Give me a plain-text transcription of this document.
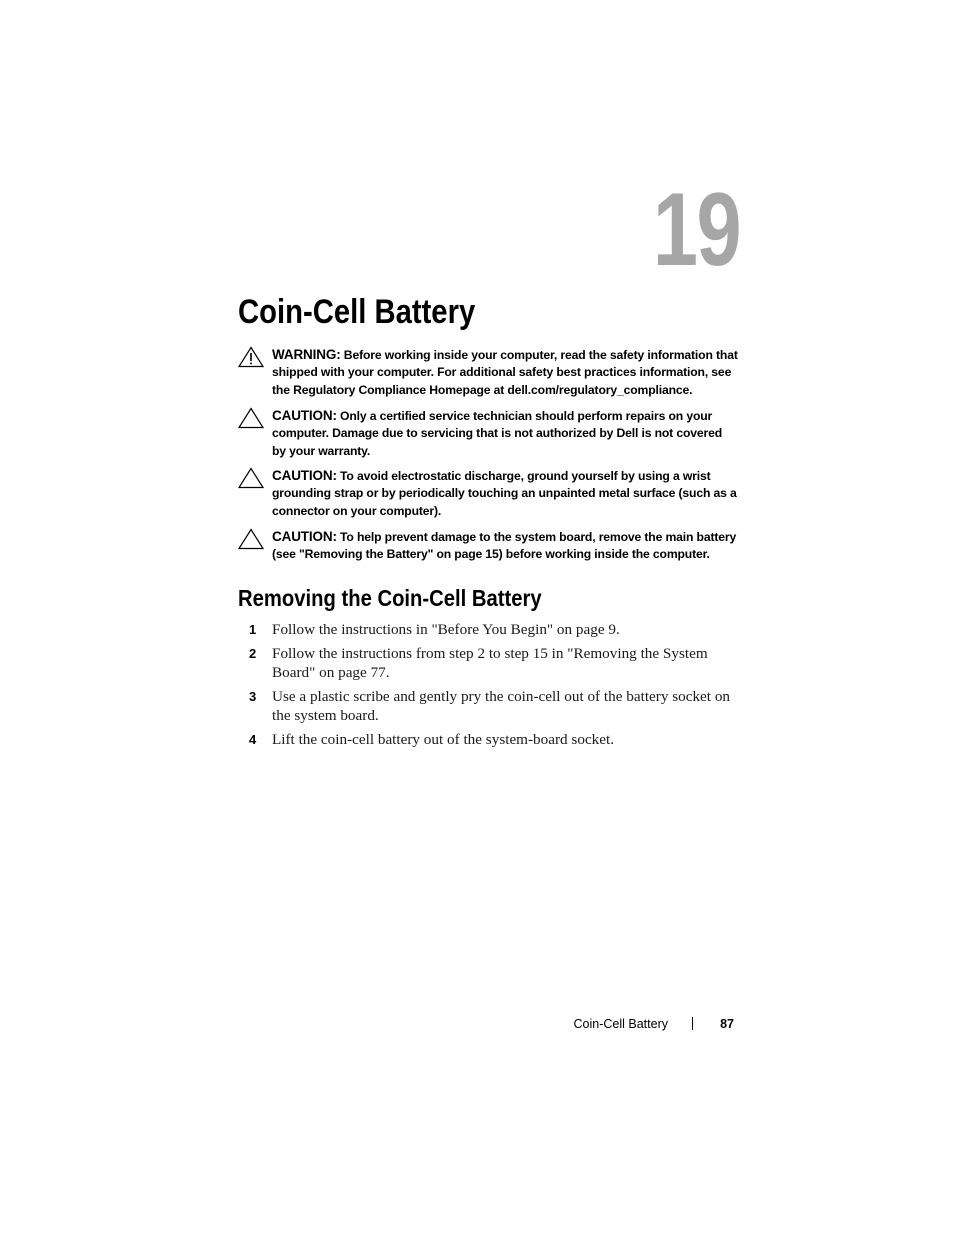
19
Coin-Cell Battery
WARNING: Before working inside your computer, read the safety information that shipped with your computer. For additional safety best practices information, see the Regulatory Compliance Homepage at dell.com/regulatory_compliance.
CAUTION: Only a certified service technician should perform repairs on your computer. Damage due to servicing that is not authorized by Dell is not covered by your warranty.
CAUTION: To avoid electrostatic discharge, ground yourself by using a wrist grounding strap or by periodically touching an unpainted metal surface (such as a connector on your computer).
CAUTION: To help prevent damage to the system board, remove the main battery (see "Removing the Battery" on page 15) before working inside the computer.
Removing the Coin-Cell Battery
1 Follow the instructions in "Before You Begin" on page 9.
2 Follow the instructions from step 2 to step 15 in "Removing the System Board" on page 77.
3 Use a plastic scribe and gently pry the coin-cell out of the battery socket on the system board.
4 Lift the coin-cell battery out of the system-board socket.
Coin-Cell Battery	87
